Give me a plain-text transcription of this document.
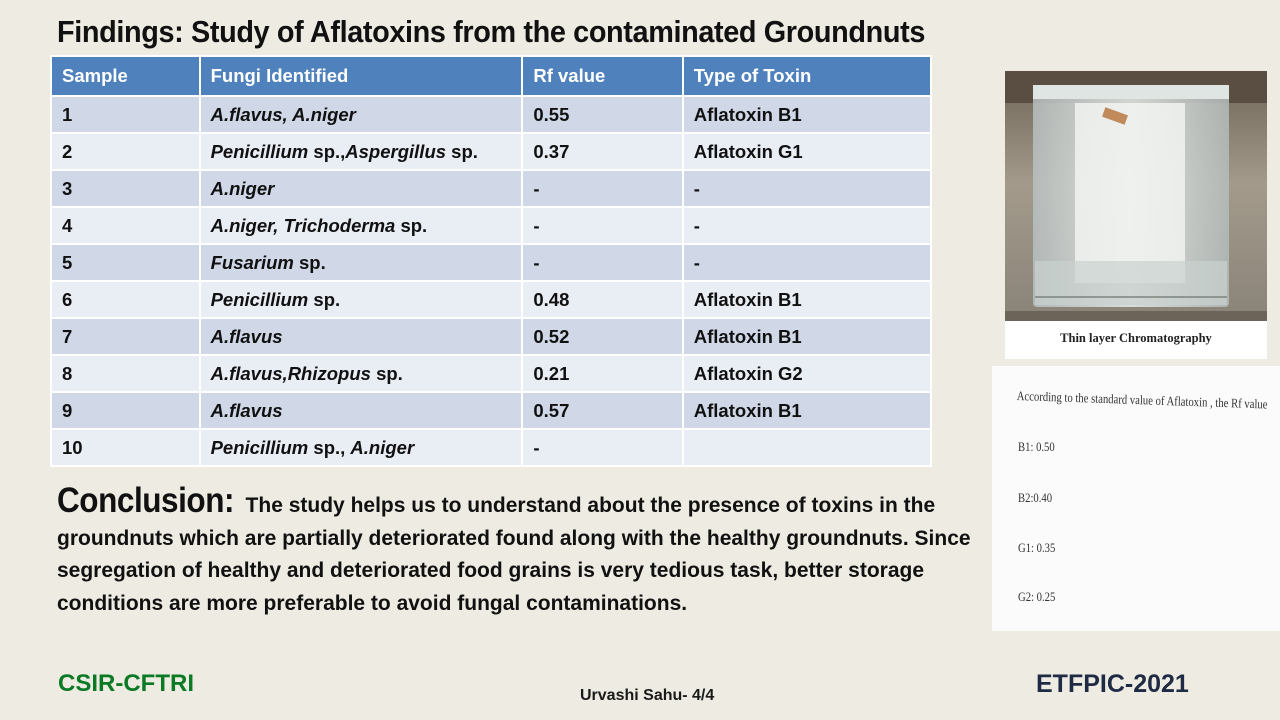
Findings: Study of Aflatoxins from the contaminated Groundnuts
Sample	Fungi Identified	Rf value	Type of Toxin
1	A.flavus, A.niger	0.55	Aflatoxin B1
2	Penicillium sp.,Aspergillus sp.	0.37	Aflatoxin G1
3	A.niger	-	-
4	A.niger, Trichoderma sp.	-	-
5	Fusarium sp.	-	-
6	Penicillium sp.	0.48	Aflatoxin B1
7	A.flavus	0.52	Aflatoxin B1
8	A.flavus,Rhizopus sp.	0.21	Aflatoxin G2
9	A.flavus	0.57	Aflatoxin B1
10	Penicillium sp., A.niger	-	
Thin layer Chromatography
According to the standard value of Aflatoxin , the Rf value
B1: 0.50
B2:0.40
G1: 0.35
G2: 0.25
Conclusion: The study helps us to understand about the presence of toxins in the groundnuts which are partially deteriorated found along with the healthy groundnuts. Since segregation of healthy and deteriorated food grains is very tedious task, better storage conditions are more preferable to avoid fungal contaminations.
CSIR-CFTRI	Urvashi Sahu- 4/4	ETFPIC-2021
